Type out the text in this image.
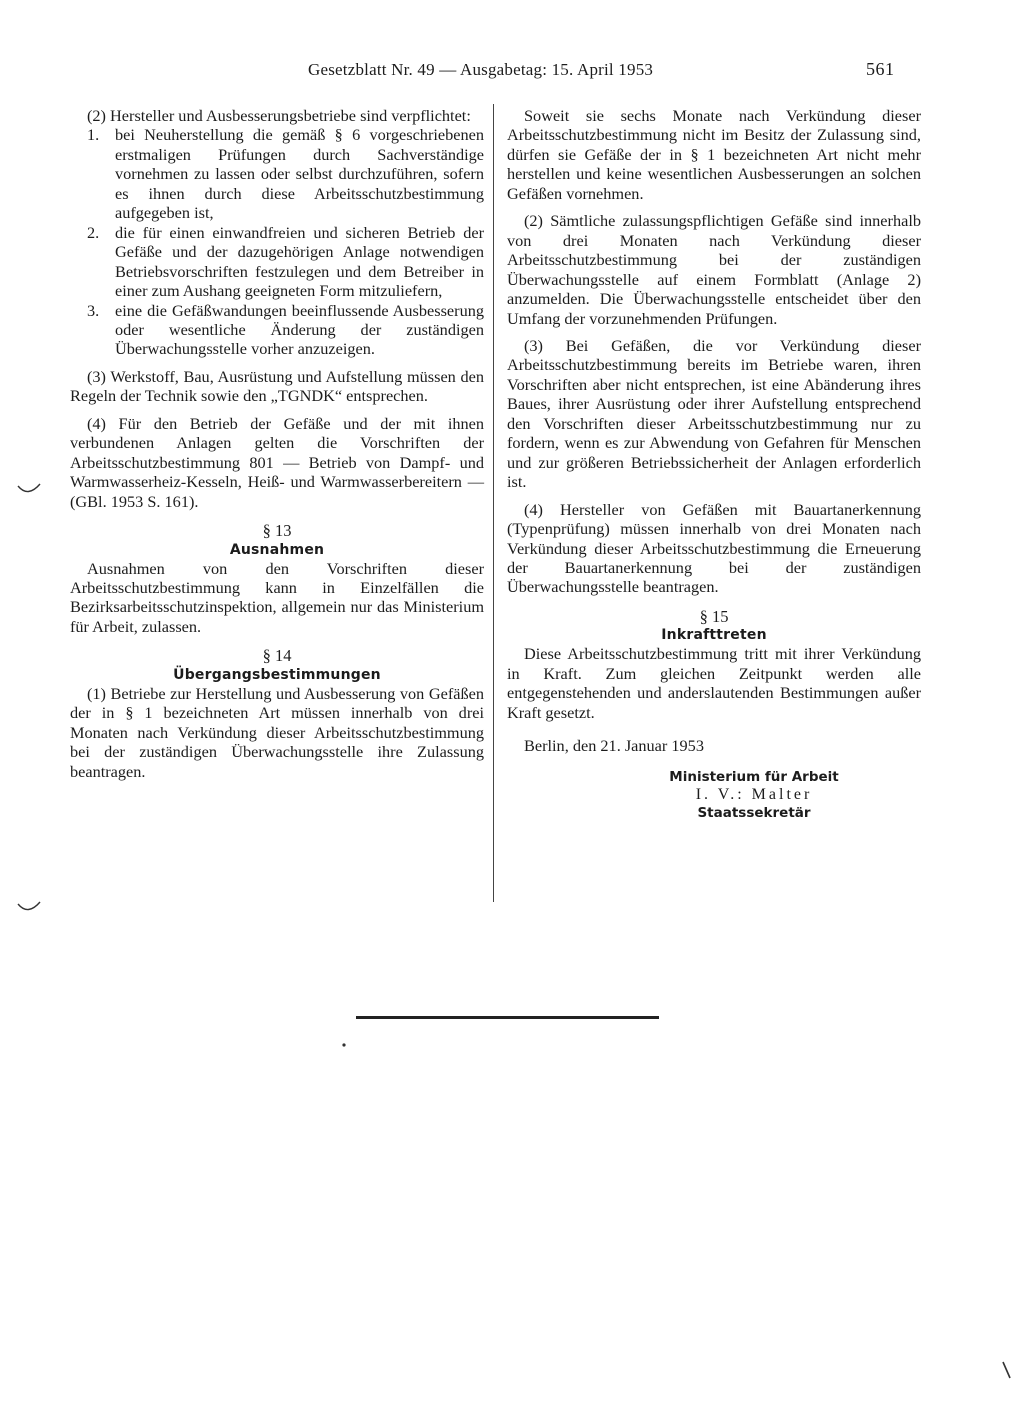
Gesetzblatt Nr. 49 — Ausgabetag: 15. April 1953	561

(2) Hersteller und Ausbesserungsbetriebe sind verpflichtet:

1. bei Neuherstellung die gemäß § 6 vorgeschriebenen erstmaligen Prüfungen durch Sachverständige vornehmen zu lassen oder selbst durchzuführen, sofern es ihnen durch diese Arbeitsschutzbestimmung aufgegeben ist,
2. die für einen einwandfreien und sicheren Betrieb der Gefäße und der dazugehörigen Anlage notwendigen Betriebsvorschriften festzulegen und dem Betreiber in einer zum Aushang geeigneten Form mitzuliefern,
3. eine die Gefäßwandungen beeinflussende Ausbesserung oder wesentliche Änderung der zuständigen Überwachungsstelle vorher anzuzeigen.

(3) Werkstoff, Bau, Ausrüstung und Aufstellung müssen den Regeln der Technik sowie den „TGNDK“ entsprechen.

(4) Für den Betrieb der Gefäße und der mit ihnen verbundenen Anlagen gelten die Vorschriften der Arbeitsschutzbestimmung 801 — Betrieb von Dampf- und Warmwasserheiz-Kesseln, Heiß- und Warmwasserbereitern — (GBl. 1953 S. 161).

§ 13
Ausnahmen

Ausnahmen von den Vorschriften dieser Arbeitsschutzbestimmung kann in Einzelfällen die Bezirksarbeitsschutzinspektion, allgemein nur das Ministerium für Arbeit, zulassen.

§ 14
Übergangsbestimmungen

(1) Betriebe zur Herstellung und Ausbesserung von Gefäßen der in § 1 bezeichneten Art müssen innerhalb von drei Monaten nach Verkündung dieser Arbeitsschutzbestimmung bei der zuständigen Überwachungsstelle ihre Zulassung beantragen.

Soweit sie sechs Monate nach Verkündung dieser Arbeitsschutzbestimmung nicht im Besitz der Zulassung sind, dürfen sie Gefäße der in § 1 bezeichneten Art nicht mehr herstellen und keine wesentlichen Ausbesserungen an solchen Gefäßen vornehmen.

(2) Sämtliche zulassungspflichtigen Gefäße sind innerhalb von drei Monaten nach Verkündung dieser Arbeitsschutzbestimmung bei der zuständigen Überwachungsstelle auf einem Formblatt (Anlage 2) anzumelden. Die Überwachungsstelle entscheidet über den Umfang der vorzunehmenden Prüfungen.

(3) Bei Gefäßen, die vor Verkündung dieser Arbeitsschutzbestimmung bereits im Betriebe waren, ihren Vorschriften aber nicht entsprechen, ist eine Abänderung ihres Baues, ihrer Ausrüstung oder ihrer Aufstellung entsprechend den Vorschriften dieser Arbeitsschutzbestimmung nur zu fordern, wenn es zur Abwendung von Gefahren für Menschen und zur größeren Betriebssicherheit der Anlagen erforderlich ist.

(4) Hersteller von Gefäßen mit Bauartanerkennung (Typenprüfung) müssen innerhalb von drei Monaten nach Verkündung dieser Arbeitsschutzbestimmung die Erneuerung der Bauartanerkennung bei der zuständigen Überwachungsstelle beantragen.

§ 15
Inkrafttreten

Diese Arbeitsschutzbestimmung tritt mit ihrer Verkündung in Kraft. Zum gleichen Zeitpunkt werden alle entgegenstehenden und anderslautenden Bestimmungen außer Kraft gesetzt.

Berlin, den 21. Januar 1953

Ministerium für Arbeit
I. V.: Malter
Staatssekretär
